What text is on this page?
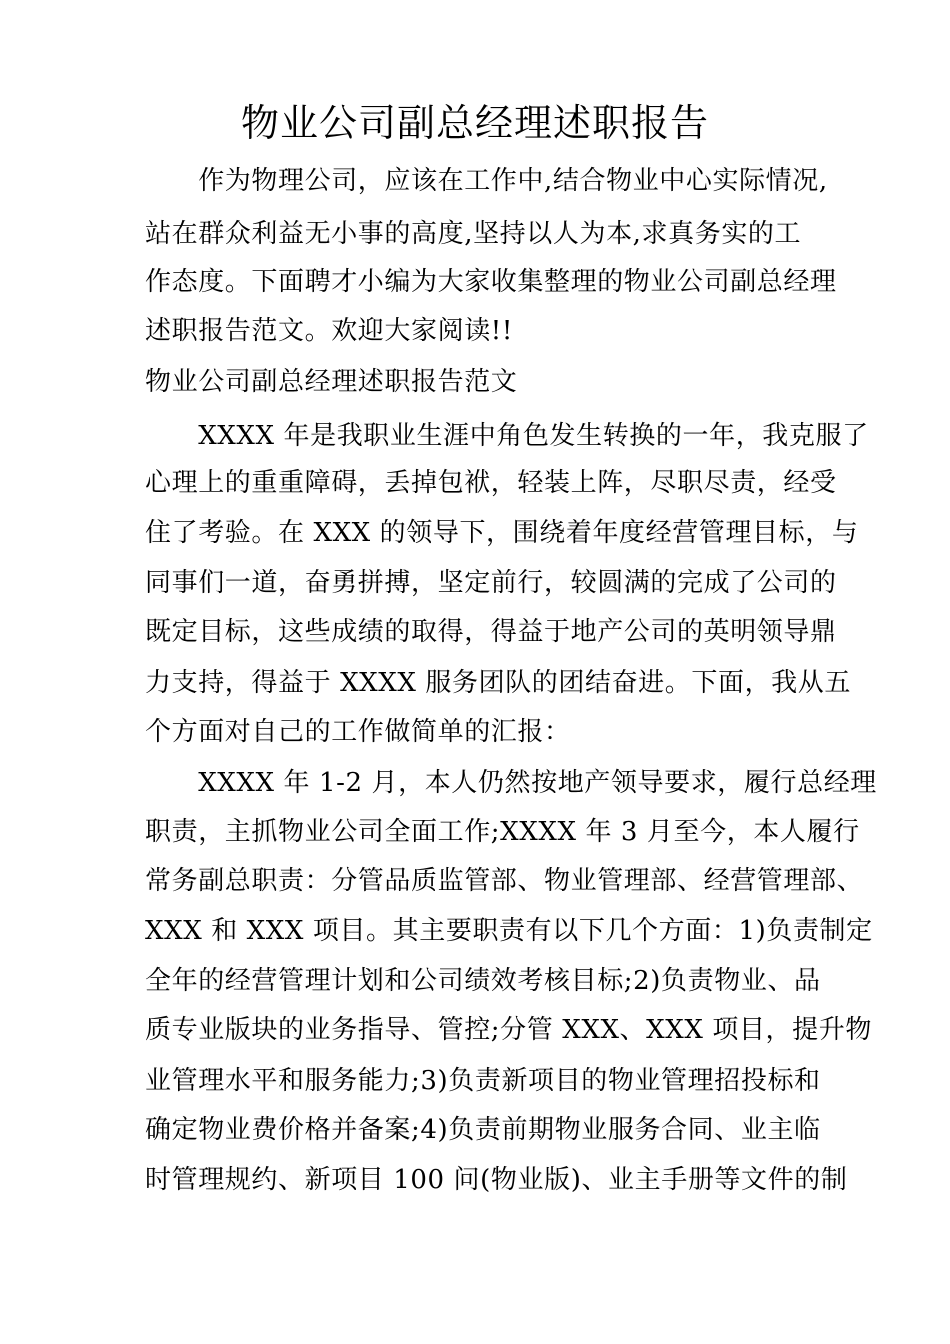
物业公司副总经理述职报告
　　作为物理公司，应该在工作中,结合物业中心实际情况,
站在群众利益无小事的高度,坚持以人为本,求真务实的工
作态度。下面聘才小编为大家收集整理的物业公司副总经理
述职报告范文。欢迎大家阅读!!
物业公司副总经理述职报告范文
　　XXXX 年是我职业生涯中角色发生转换的一年，我克服了
心理上的重重障碍，丢掉包袱，轻装上阵，尽职尽责，经受
住了考验。在 XXX 的领导下，围绕着年度经营管理目标，与
同事们一道，奋勇拼搏，坚定前行，较圆满的完成了公司的
既定目标，这些成绩的取得，得益于地产公司的英明领导鼎
力支持，得益于 XXXX 服务团队的团结奋进。下面，我从五
个方面对自己的工作做简单的汇报：
　　XXXX 年 1-2 月，本人仍然按地产领导要求，履行总经理
职责，主抓物业公司全面工作;XXXX 年 3 月至今，本人履行
常务副总职责：分管品质监管部、物业管理部、经营管理部、
XXX 和 XXX 项目。其主要职责有以下几个方面：1)负责制定
全年的经营管理计划和公司绩效考核目标;2)负责物业、品
质专业版块的业务指导、管控;分管 XXX、XXX 项目，提升物
业管理水平和服务能力;3)负责新项目的物业管理招投标和
确定物业费价格并备案;4)负责前期物业服务合同、业主临
时管理规约、新项目 100 问(物业版)、业主手册等文件的制
